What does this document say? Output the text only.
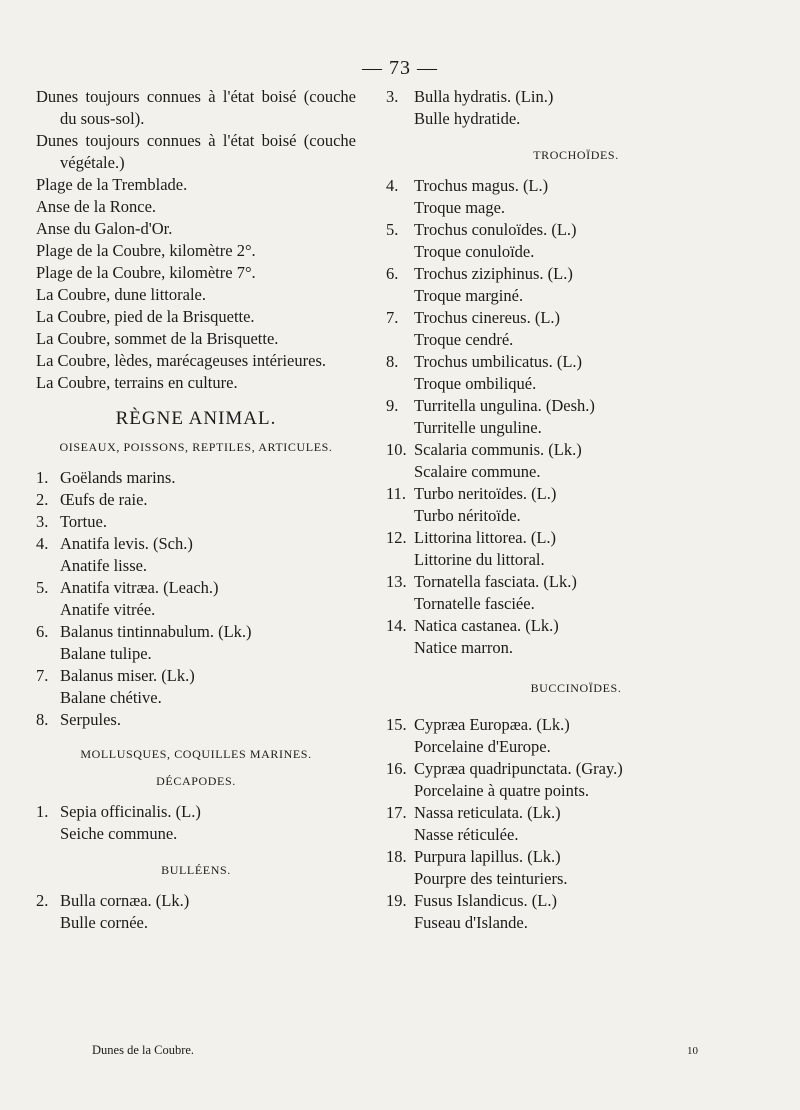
— 73 —
Dunes toujours connues à l'état boisé (couche du sous-sol).
Dunes toujours connues à l'état boisé (couche végétale.)
Plage de la Tremblade.
Anse de la Ronce.
Anse du Galon-d'Or.
Plage de la Coubre, kilomètre 2°.
Plage de la Coubre, kilomètre 7°.
La Coubre, dune littorale.
La Coubre, pied de la Brisquette.
La Coubre, sommet de la Brisquette.
La Coubre, lèdes, marécageuses intérieures.
La Coubre, terrains en culture.
RÈGNE ANIMAL.
OISEAUX, POISSONS, REPTILES, ARTICULES.
1. Goëlands marins.
2. Œufs de raie.
3. Tortue.
4. Anatifa levis. (Sch.)
Anatife lisse.
5. Anatifa vitræa. (Leach.)
Anatife vitrée.
6. Balanus tintinnabulum. (Lk.)
Balane tulipe.
7. Balanus miser. (Lk.)
Balane chétive.
8. Serpules.
MOLLUSQUES, COQUILLES MARINES.
DÉCAPODES.
1. Sepia officinalis. (L.)
Seiche commune.
BULLÉENS.
2. Bulla cornæa. (Lk.)
Bulle cornée.
3. Bulla hydratis. (Lin.)
Bulle hydratide.
TROCHOÏDES.
4. Trochus magus. (L.)
Troque mage.
5. Trochus conuloïdes. (L.)
Troque conuloïde.
6. Trochus ziziphinus. (L.)
Troque marginé.
7. Trochus cinereus. (L.)
Troque cendré.
8. Trochus umbilicatus. (L.)
Troque ombiliqué.
9. Turritella ungulina. (Desh.)
Turritelle unguline.
10. Scalaria communis. (Lk.)
Scalaire commune.
11. Turbo neritoïdes. (L.)
Turbo néritoïde.
12. Littorina littorea. (L.)
Littorine du littoral.
13. Tornatella fasciata. (Lk.)
Tornatelle fasciée.
14. Natica castanea. (Lk.)
Natice marron.
BUCCINOÏDES.
15. Cypræa Europæa. (Lk.)
Porcelaine d'Europe.
16. Cypræa quadripunctata. (Gray.)
Porcelaine à quatre points.
17. Nassa reticulata. (Lk.)
Nasse réticulée.
18. Purpura lapillus. (Lk.)
Pourpre des teinturiers.
19. Fusus Islandicus. (L.)
Fuseau d'Islande.
Dunes de la Coubre.	10
